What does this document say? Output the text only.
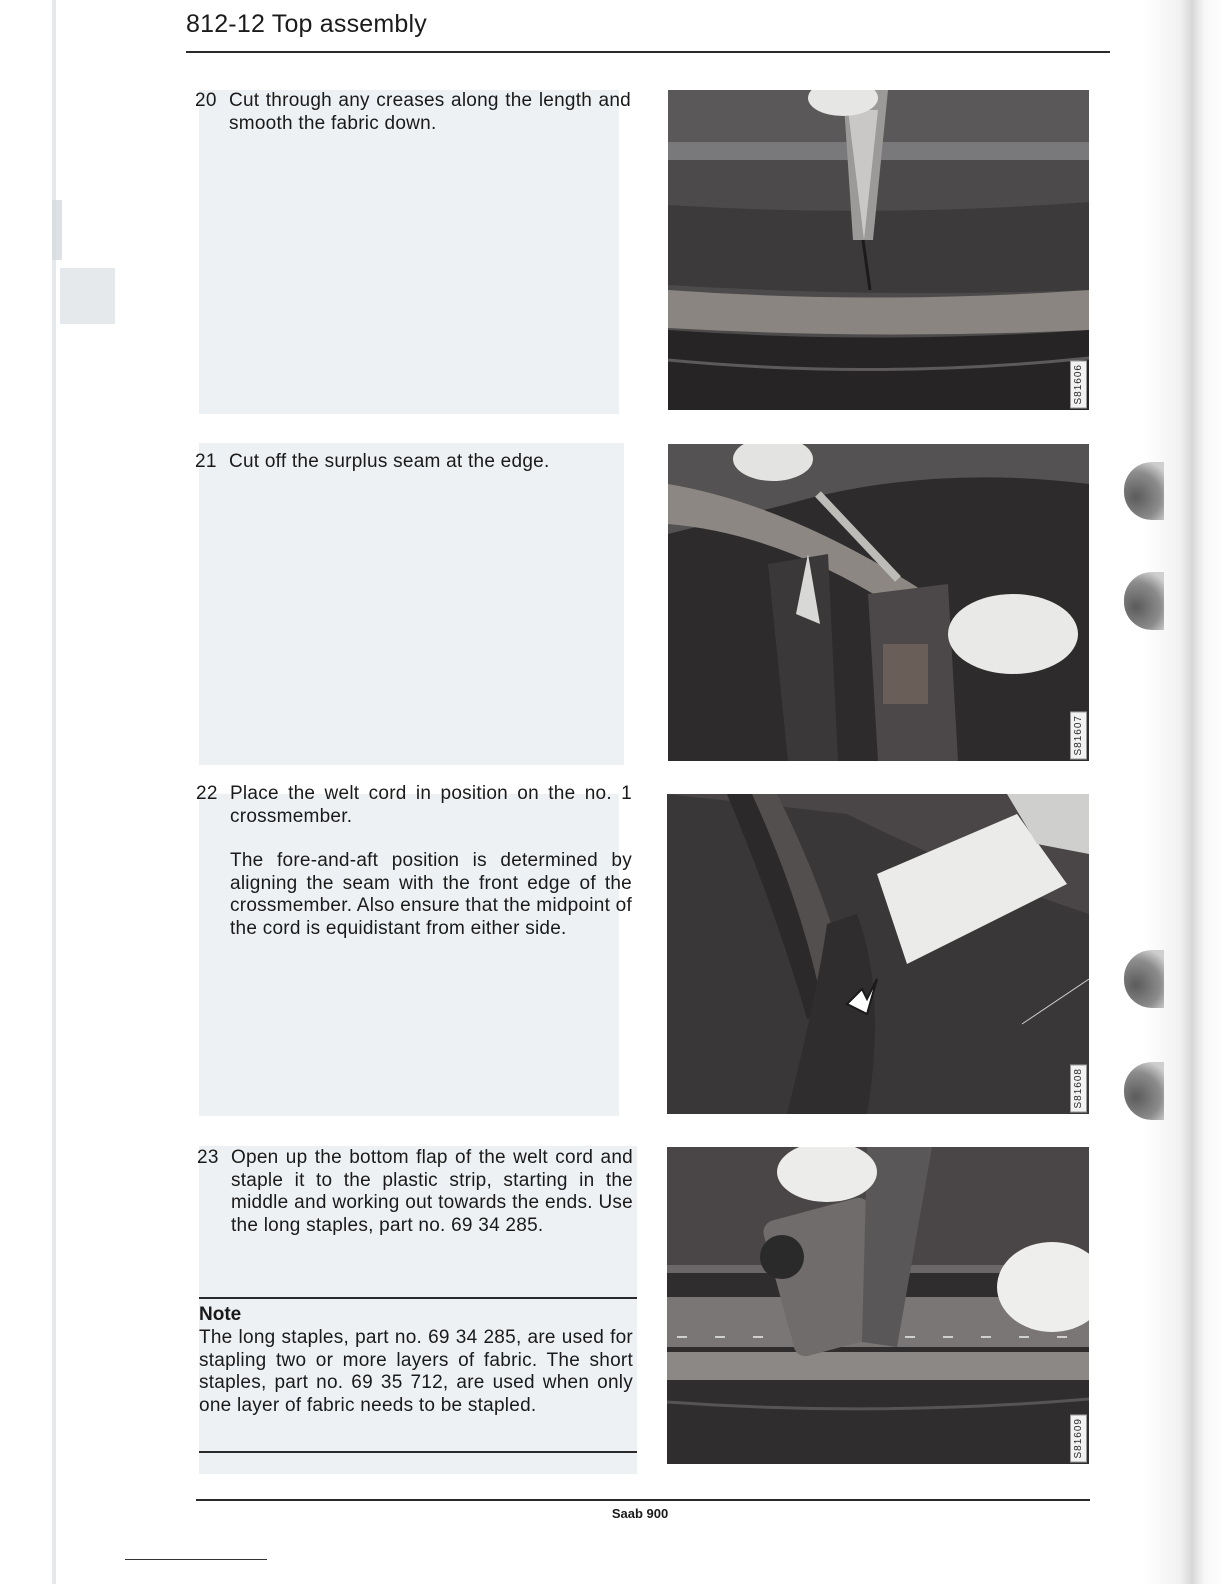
812-12 Top assembly
20 Cut through any creases along the length and smooth the fabric down.

21 Cut off the surplus seam at the edge.

22 Place the welt cord in position on the no. 1 crossmember.

The fore-and-aft position is determined by aligning the seam with the front edge of the crossmember. Also ensure that the midpoint of the cord is equidistant from either side.

23 Open up the bottom flap of the welt cord and staple it to the plastic strip, starting in the middle and working out towards the ends. Use the long staples, part no. 69 34 285.

Note
The long staples, part no. 69 34 285, are used for stapling two or more layers of fabric. The short staples, part no. 69 35 712, are used when only one layer of fabric needs to be stapled.
S81606
S81607
S81608
S81609
Saab 900
